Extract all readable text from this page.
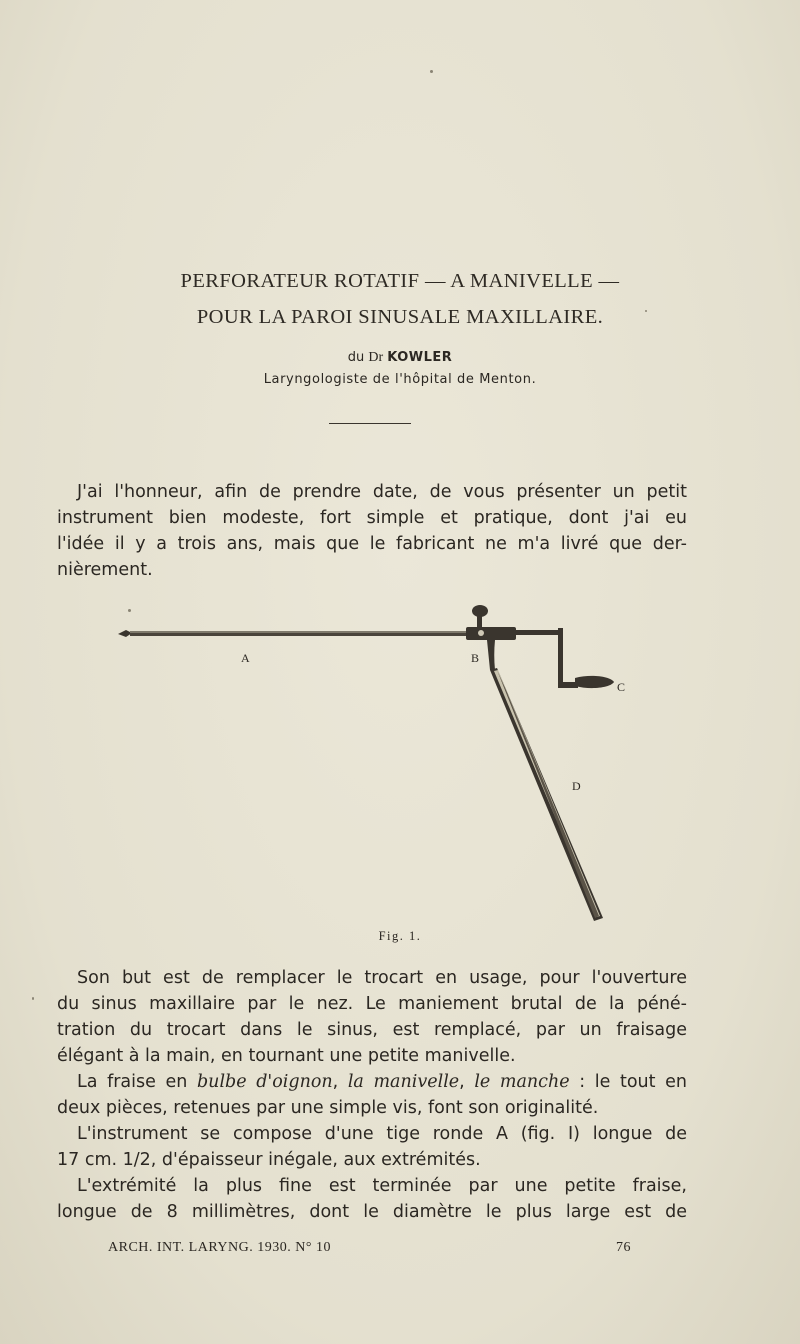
PERFORATEUR ROTATIF — A MANIVELLE —
POUR LA PAROI SINUSALE MAXILLAIRE.
du Dr KOWLER
Laryngologiste de l'hôpital de Menton.

J'ai l'honneur, afin de prendre date, de vous présenter un petit
instrument bien modeste, fort simple et pratique, dont j'ai eu
l'idée il y a trois ans, mais que le fabricant ne m'a livré que der-
nièrement.

A	B
C
D
Fig. 1.

Son but est de remplacer le trocart en usage, pour l'ouverture
du sinus maxillaire par le nez. Le maniement brutal de la péné-
tration du trocart dans le sinus, est remplacé, par un fraisage
élégant à la main, en tournant une petite manivelle.

La fraise en bulbe d'oignon, la manivelle, le manche : le tout en
deux pièces, retenues par une simple vis, font son originalité.

L'instrument se compose d'une tige ronde A (fig. I) longue de
17 cm. 1/2, d'épaisseur inégale, aux extrémités.

L'extrémité la plus fine est terminée par une petite fraise,
longue de 8 millimètres, dont le diamètre le plus large est de

ARCH. INT. LARYNG. 1930. N° 10	76
